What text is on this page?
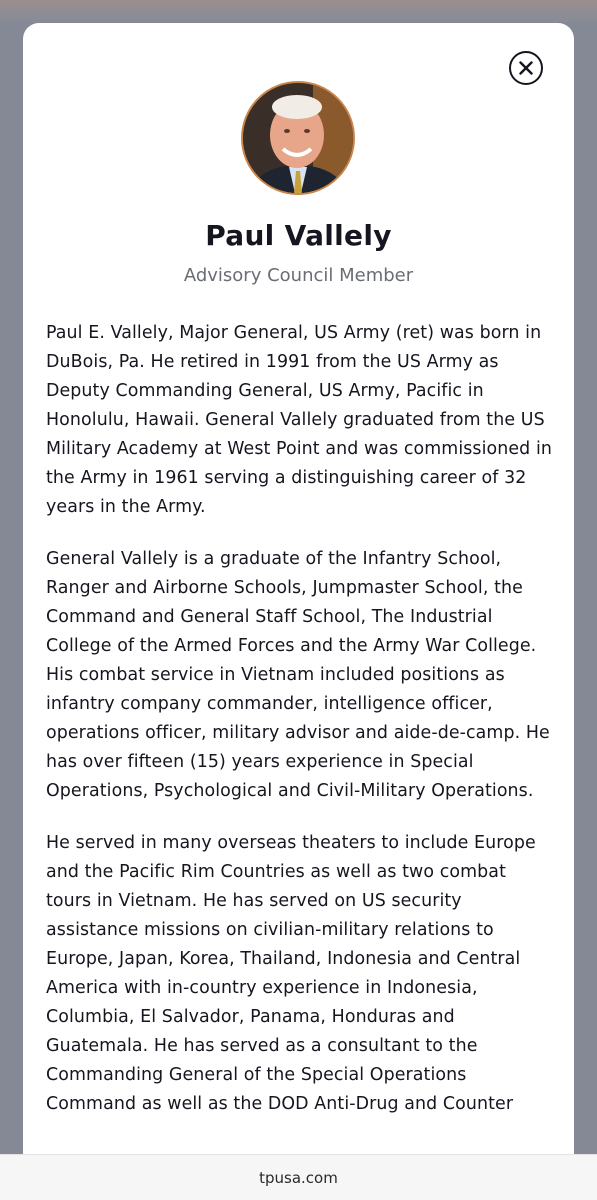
Paul Vallely
Advisory Council Member

Paul E. Vallely, Major General, US Army (ret) was born in DuBois, Pa. He retired in 1991 from the US Army as Deputy Commanding General, US Army, Pacific in Honolulu, Hawaii. General Vallely graduated from the US Military Academy at West Point and was commissioned in the Army in 1961 serving a distinguishing career of 32 years in the Army.

General Vallely is a graduate of the Infantry School, Ranger and Airborne Schools, Jumpmaster School, the Command and General Staff School, The Industrial College of the Armed Forces and the Army War College. His combat service in Vietnam included positions as infantry company commander, intelligence officer, operations officer, military advisor and aide-de-camp. He has over fifteen (15) years experience in Special Operations, Psychological and Civil-Military Operations.

He served in many overseas theaters to include Europe and the Pacific Rim Countries as well as two combat tours in Vietnam. He has served on US security assistance missions on civilian-military relations to Europe, Japan, Korea, Thailand, Indonesia and Central America with in-country experience in Indonesia, Columbia, El Salvador, Panama, Honduras and Guatemala. He has served as a consultant to the Commanding General of the Special Operations Command as well as the DOD Anti-Drug and Counter

tpusa.com
